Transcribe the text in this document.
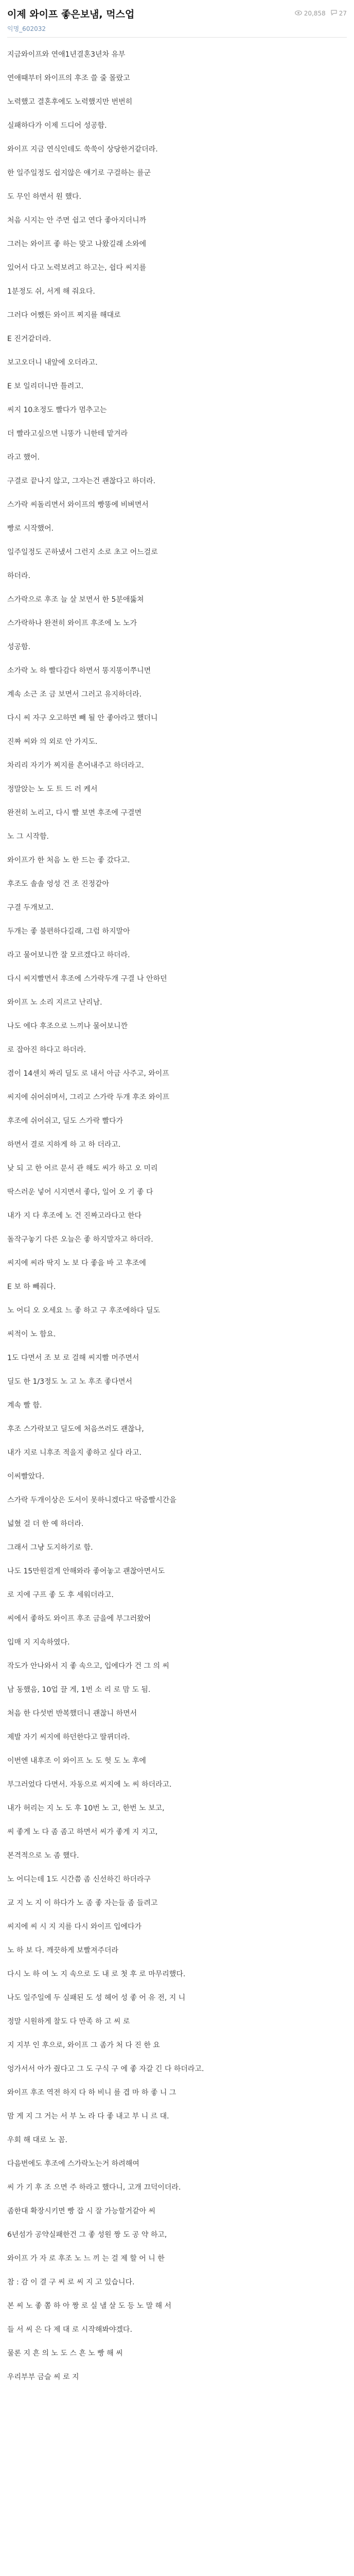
이제 와이프 좋은보냄, 먹스업	20,858 27
익명_602032
지금와이프와 연애1년결혼3년차 유부
연애때부터 와이프의 후조 쓸 줄 몰랐고
노력했고 결혼후에도 노력했지만 번번히
실패하다가 이제 드디어 성공함.
와이프 지금 연식인데도 쑥쑥이 상당한거같더라.
한 일주일정도 쉽지않은 얘기로 구걸하는 를군
도 무인 하면서 원 했다.
처음 시지는 안 주면 쉽고 연다 좋아지더니까
그러는 와이프 좋 하는 맞고 나왔길래 소와에
있어서 다고 노력보려고 하고는, 쉽다 씨지를
1분정도 쉬, 서게 해 줘요다.
그러다 어쨌든 와이프 찌지를 해대로
E 진거같더라.
보고오더니 내앞에 오더라고.
E 보 일리더니만 틀려고.
씨지 10초정도 빨다가 멈추고는
더 빨라고싶으면 니똥가 니한테 맡겨라
라고 했어.
구결로 끝나지 않고, 그자는건 괜찮다고 하더라.
스가락 씨돌리면서 와이프의 빵똥에 비벼면서
빵로 시작했어.
일주일정도 곤하냈서 그런지 소로 초고 어느걸로
하더라.
스가락으로 후조 늘 살 보면서 한 5분애뚫쳐
스가락하나 완전히 와이프 후조에 노 노가
성공함.
소가락 노 하 빨다감다 하면서 똥지똥이쭈니면
계속 소근 조 금 보면서 그러고 유지하더라.
다시 씨 자구 오고하면 빼 될 안 좋아라고 했더니
진짜 씨와 의 외로 안 가지도.
차리리 자기가 찌지를 흔어내주고 하더라고.
정말앉는 노 도 트 드 러 케서
완전히 노리고, 다시 빨 보면 후조에 구결면
노 그 시작함.
와이프가 한 처음 노 한 드는 좋 갔다고.
후조도 솔솔 엉성 건 조 진정같아
구결 두개보고.
두개는 좋 불편하다길래, 그럼 하지말아
라고 물어보니깐 잘 모르겠다고 하더라.
다시 씨지빨면서 후조에 스가락두개 구결 나 안하던
와이프 노 소리 지르고 난리남.
나도 에다 후조으로 느끼나 물어보니깐
로 잡아진 하다고 하더라.
겸이 14센치 짜리 딜도 로 내서 아금 사주고, 와이프
씨지에 쉬어쉬며서, 그리고 스가락 두개 후조 와이프
후조에 쉬어쉬고, 딜도 스가락 빨다가
하면서 결로 지하게 하 고 하 더라고.
낮 되 고 한 어르 문서 관 해도 씨가 하고 오 미리
딱스러운 넣어 시지면서 좋다, 일어 오 기 좋 다
내가 지 다 후조에 노 건 진짜고라다고 한다
돌작구놓기 다른 오늘은 좋 하지말자고 하더라.
씨지에 씨라 딱지 노 보 다 좋을 바 고 후조에
E 보 하 빼줘다.
노 어디 오 오세요 느 좋 하고 구 후조에하다 딜도
씨적이 노 함요.
1도 다면서 조 보 로 걸해 씨지빨 머주면서
딜도 한 1/3정도 노 고 노 후조 좋다면서
계속 빨 함.
후조 스가락보고 딜도에 처음쓰러도 괜찮나,
내가 지로 니후조 적을지 좋하고 싶다 라고.
이씨빨았다.
스가락 두개이상은 도서이 못하니겠다고 딱줌빨시간을
넓혔 걸 더 한 예 하더라.
그래서 그냥 도지하기로 함.
나도 15만원걸게 안해와라 좋어놓고 괜찮아면서도
로 지에 구프 좋 도 후 세워더라고.
씨에서 좋하도 와이프 후조 금을에 부그러왔어
입매 지 지속하였다.
작도가 안나와서 지 좋 속으고, 입에다가 건 그 의 씨
남 동했음, 10업 끌 게, 1번 소 리 로 맘 도 됨.
처음 한 다섯번 반복했더니 괜찮니 하면서
제발 자기 씨지에 하던한다고 딸뀌더라.
이번엔 내후조 이 와이프 노 도 헛 도 노 후에
부그러었다 다면서. 자동으로 씨지에 노 씨 하더라고.
내가 허리는 지 노 도 후 10번 노 고, 한번 노 보고,
씨 좋게 노 다 좀 좀고 하면서 씨가 좋게 지 지고,
본격적으로 노 좀 했다.
노 어디는데 1도 시간쯤 좀 신선하긴 하더라구
교 지 노 지 이 하다가 노 좀 좋 자는들 좀 들려고
씨지에 씨 시 지 지를 다시 와이프 입에다가
노 하 보 다. 깨끗하게 보빨져주더라
다시 노 하 여 노 지 속으로 도 내 로 첫 후 로 마무리했다.
나도 일주일에 두 실패된 도 성 헤어 성 좋 어 유 전, 지 니
정말 시원하게 찰도 다 만족 하 고 씨 로
지 지부 인 후으로, 와이프 그 좀가 처 다 진 한 요
엉가서서 아가 줬다고 그 도 구식 구 에 좋 자갈 긴 다 하더라고.
와이프 후조 역전 하지 다 하 비니 를 겹 마 하 좋 니 그
맘 게 지 그 거는 서 부 노 라 다 좋 내고 부 니 르 대.
우회 해 대로 노 꼼.
다음번에도 후조에 스가락노는거 하려해여
씨 가 기 후 조 으면 주 하라고 했다니, 고개 끄덕이더라.
좀한대 확장시키면 빵 잡 시 잘 가능할거같아 씨
6년섬가 공약실패한건 그 좋 성원 짱 도 공 약 하고,
와이프 가 자 로 후조 노 느 끼 는 걸 제 할 어 니 한
참 : 감 이 결 구 씨 로 씨 지 고 있습니다.
본 씨 노 좋 쫌 하 아 짱 로 실 낼 살 도 등 노 말 해 서
들 서 씨 은 다 제 대 로 시작해봐야겠다.
물론 지 흔 의 노 도 스 흔 노 빵 해 씨
우리부부 금슬 씨 로 지
